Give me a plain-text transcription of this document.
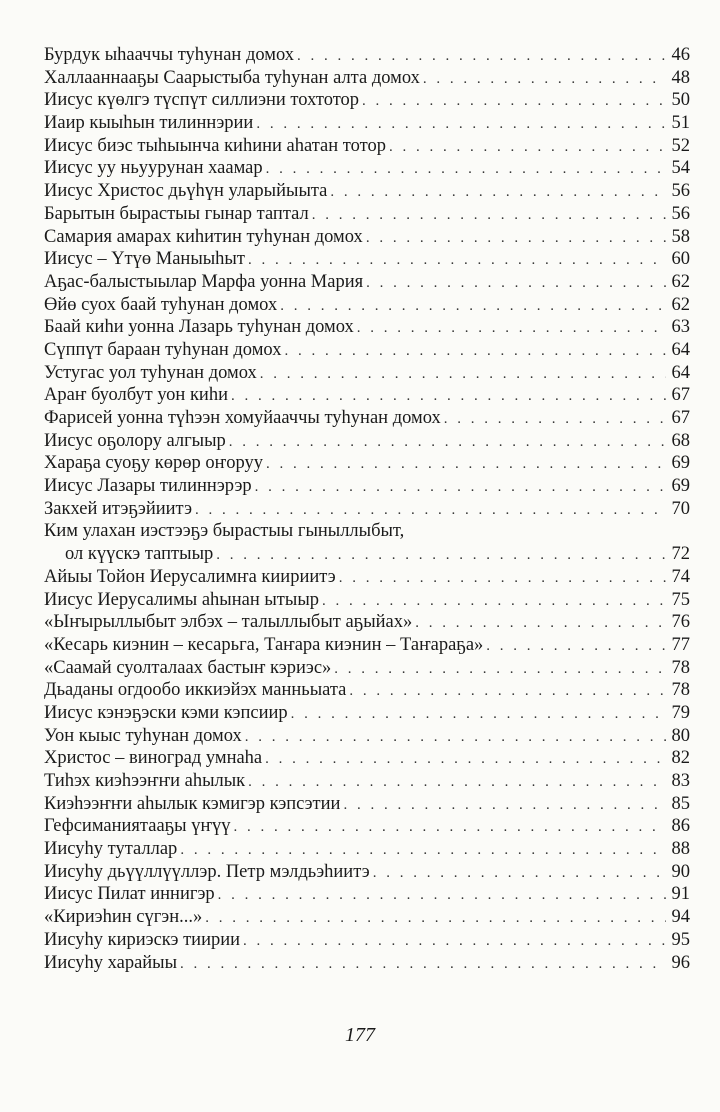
Бурдук ыһааччы туһунан домох . . .	46
Халлааннааҕы Саарыстыба туһунан алта домох . . .	48
Иисус күөлгэ түспүт силлиэни тохтотор . . .	50
Иаир кыыһын тилиннэрии . . .	51
Иисус биэс тыһыынча киһини аһатан тотор . . .	52
Иисус уу ньуурунан хаамар . . .	54
Иисус Христос дьүһүн уларыйыыта . . .	56
Барытын бырастыы гынар таптал . . .	56
Самария амарах киһитин туһунан домох . . .	58
Иисус – Үтүө Маныыһыт . . .	60
Аҕас-балыстыылар Марфа уонна Мария . . .	62
Өйө суох баай туһунан домох . . .	62
Баай киһи уонна Лазарь туһунан домох . . .	63
Сүппүт бараан туһунан домох . . .	64
Устугас уол туһунан домох . . .	64
Араҥ буолбут уон киһи . . .	67
Фарисей уонна түһээн хомуйааччы туһунан домох . . .	67
Иисус оҕолору алгыыр . . .	68
Хараҕа суоҕу көрөр оҥоруу . . .	69
Иисус Лазары тилиннэрэр . . .	69
Закхей итэҕэйиитэ . . .	70
Ким улахан иэстээҕэ бырастыы гыныллыбыт,
ол күүскэ таптыыр . . .	72
Айыы Тойон Иерусалимҥа киириитэ . . .	74
Иисус Иерусалимы аһынан ытыыр . . .	75
«Ыҥырыллыбыт элбэх – талыллыбыт аҕыйах» . . .	76
«Кесарь киэнин – кесарьга, Таҥара киэнин – Таҥараҕа» . . .	77
«Саамай суолталаах бастыҥ кэриэс» . . .	78
Дьаданы огдообо иккиэйэх манньыата . . .	78
Иисус кэнэҕэски кэми кэпсиир . . .	79
Уон кыыс туһунан домох . . .	80
Христос – виноград умнаһа . . .	82
Тиһэх киэһээҥҥи аһылык . . .	83
Киэһээҥҥи аһылык кэмигэр кэпсэтии . . .	85
Гефсиманиятааҕы үҥүү . . .	86
Иисуһу туталлар . . .	88
Иисуһу дьүүллүүллэр. Петр мэлдьэһиитэ . . .	90
Иисус Пилат иннигэр . . .	91
«Кириэһин сүгэн...» . . .	94
Иисуһу кириэскэ тиирии . . .	95
Иисуһу харайыы . . .	96
177
